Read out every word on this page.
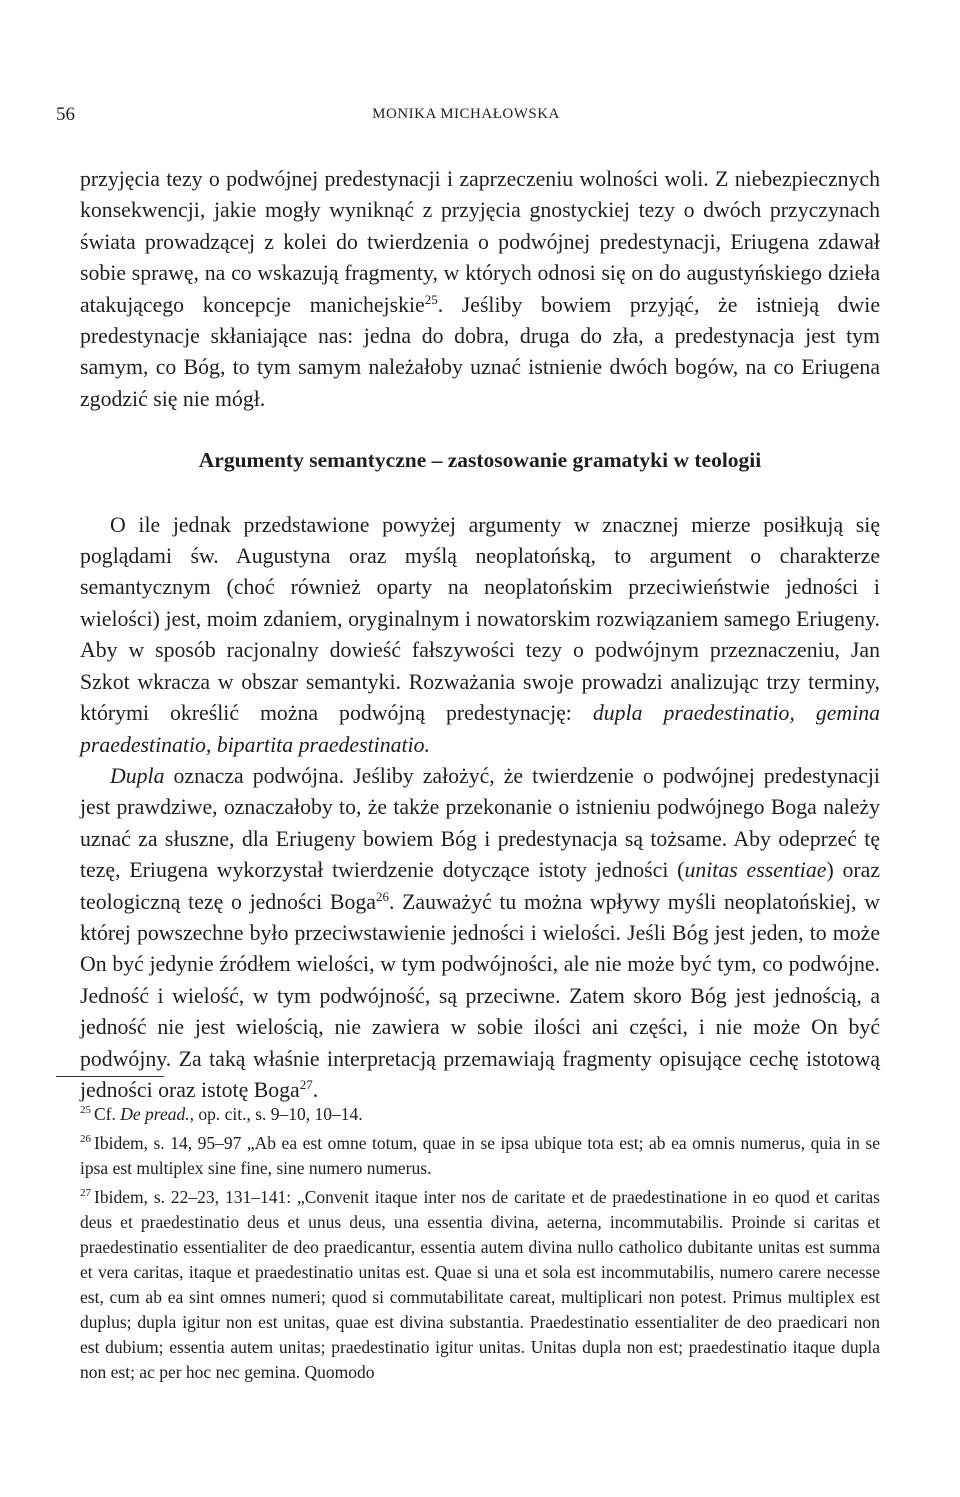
56	MONIKA MICHAŁOWSKA

przyjęcia tezy o podwójnej predestynacji i zaprzeczeniu wolności woli. Z niebezpiecznych konsekwencji, jakie mogły wyniknąć z przyjęcia gnostyckiej tezy o dwóch przyczynach świata prowadzącej z kolei do twierdzenia o podwójnej predestynacji, Eriugena zdawał sobie sprawę, na co wskazują fragmenty, w których odnosi się on do augustyńskiego dzieła atakującego koncepcje manichejskie$^{25}$. Jeśliby bowiem przyjąć, że istnieją dwie predestynacje skłaniające nas: jedna do dobra, druga do zła, a predestynacja jest tym samym, co Bóg, to tym samym należałoby uznać istnienie dwóch bogów, na co Eriugena zgodzić się nie mógł.

Argumenty semantyczne – zastosowanie gramatyki w teologii

O ile jednak przedstawione powyżej argumenty w znacznej mierze posiłkują się poglądami św. Augustyna oraz myślą neoplatońską, to argument o charakterze semantycznym (choć również oparty na neoplatońskim przeciwieństwie jedności i wielości) jest, moim zdaniem, oryginalnym i nowatorskim rozwiązaniem samego Eriugeny. Aby w sposób racjonalny dowieść fałszywości tezy o podwójnym przeznaczeniu, Jan Szkot wkracza w obszar semantyki. Rozważania swoje prowadzi analizując trzy terminy, którymi określić można podwójną predestynację: dupla praedestinatio, gemina praedestinatio, bipartita praedestinatio.

Dupla oznacza podwójna. Jeśliby założyć, że twierdzenie o podwójnej predestynacji jest prawdziwe, oznaczałoby to, że także przekonanie o istnieniu podwójnego Boga należy uznać za słuszne, dla Eriugeny bowiem Bóg i predestynacja są tożsame. Aby odeprzeć tę tezę, Eriugena wykorzystał twierdzenie dotyczące istoty jedności (unitas essentiae) oraz teologiczną tezę o jedności Boga$^{26}$. Zauważyć tu można wpływy myśli neoplatońskiej, w której powszechne było przeciwstawienie jedności i wielości. Jeśli Bóg jest jeden, to może On być jedynie źródłem wielości, w tym podwójności, ale nie może być tym, co podwójne. Jedność i wielość, w tym podwójność, są przeciwne. Zatem skoro Bóg jest jednością, a jedność nie jest wielością, nie zawiera w sobie ilości ani części, i nie może On być podwójny. Za taką właśnie interpretacją przemawiają fragmenty opisujące cechę istotową jedności oraz istotę Boga$^{27}$.

$^{25}$ Cf. De pread., op. cit., s. 9–10, 10–14.

$^{26}$ Ibidem, s. 14, 95–97 „Ab ea est omne totum, quae in se ipsa ubique tota est; ab ea omnis numerus, quia in se ipsa est multiplex sine fine, sine numero numerus.

$^{27}$ Ibidem, s. 22–23, 131–141: „Convenit itaque inter nos de caritate et de praedestinatione in eo quod et caritas deus et praedestinatio deus et unus deus, una essentia divina, aeterna, incommutabilis. Proinde si caritas et praedestinatio essentialiter de deo praedicantur, essentia autem divina nullo catholico dubitante unitas est summa et vera caritas, itaque et praedestinatio unitas est. Quae si una et sola est incommutabilis, numero carere necesse est, cum ab ea sint omnes numeri; quod si commutabilitate careat, multiplicari non potest. Primus multiplex est duplus; dupla igitur non est unitas, quae est divina substantia. Praedestinatio essentialiter de deo praedicari non est dubium; essentia autem unitas; praedestinatio igitur unitas. Unitas dupla non est; praedestinatio itaque dupla non est; ac per hoc nec gemina. Quomodo
